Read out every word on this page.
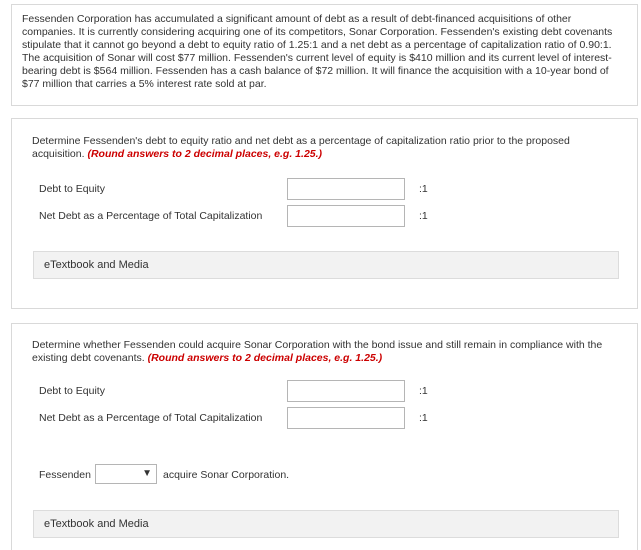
Fessenden Corporation has accumulated a significant amount of debt as a result of debt-financed acquisitions of other companies. It is currently considering acquiring one of its competitors, Sonar Corporation. Fessenden's existing debt covenants stipulate that it cannot go beyond a debt to equity ratio of 1.25:1 and a net debt as a percentage of capitalization ratio of 0.90:1. The acquisition of Sonar will cost $77 million. Fessenden's current level of equity is $410 million and its current level of interest-bearing debt is $564 million. Fessenden has a cash balance of $72 million. It will finance the acquisition with a 10-year bond of $77 million that carries a 5% interest rate sold at par.

Determine Fessenden's debt to equity ratio and net debt as a percentage of capitalization ratio prior to the proposed acquisition. (Round answers to 2 decimal places, e.g. 1.25.)

Debt to Equity	:1
Net Debt as a Percentage of Total Capitalization	:1
eTextbook and Media

Determine whether Fessenden could acquire Sonar Corporation with the bond issue and still remain in compliance with the existing debt covenants. (Round answers to 2 decimal places, e.g. 1.25.)

Debt to Equity	:1
Net Debt as a Percentage of Total Capitalization	:1
Fessenden	▼ acquire Sonar Corporation.
eTextbook and Media
